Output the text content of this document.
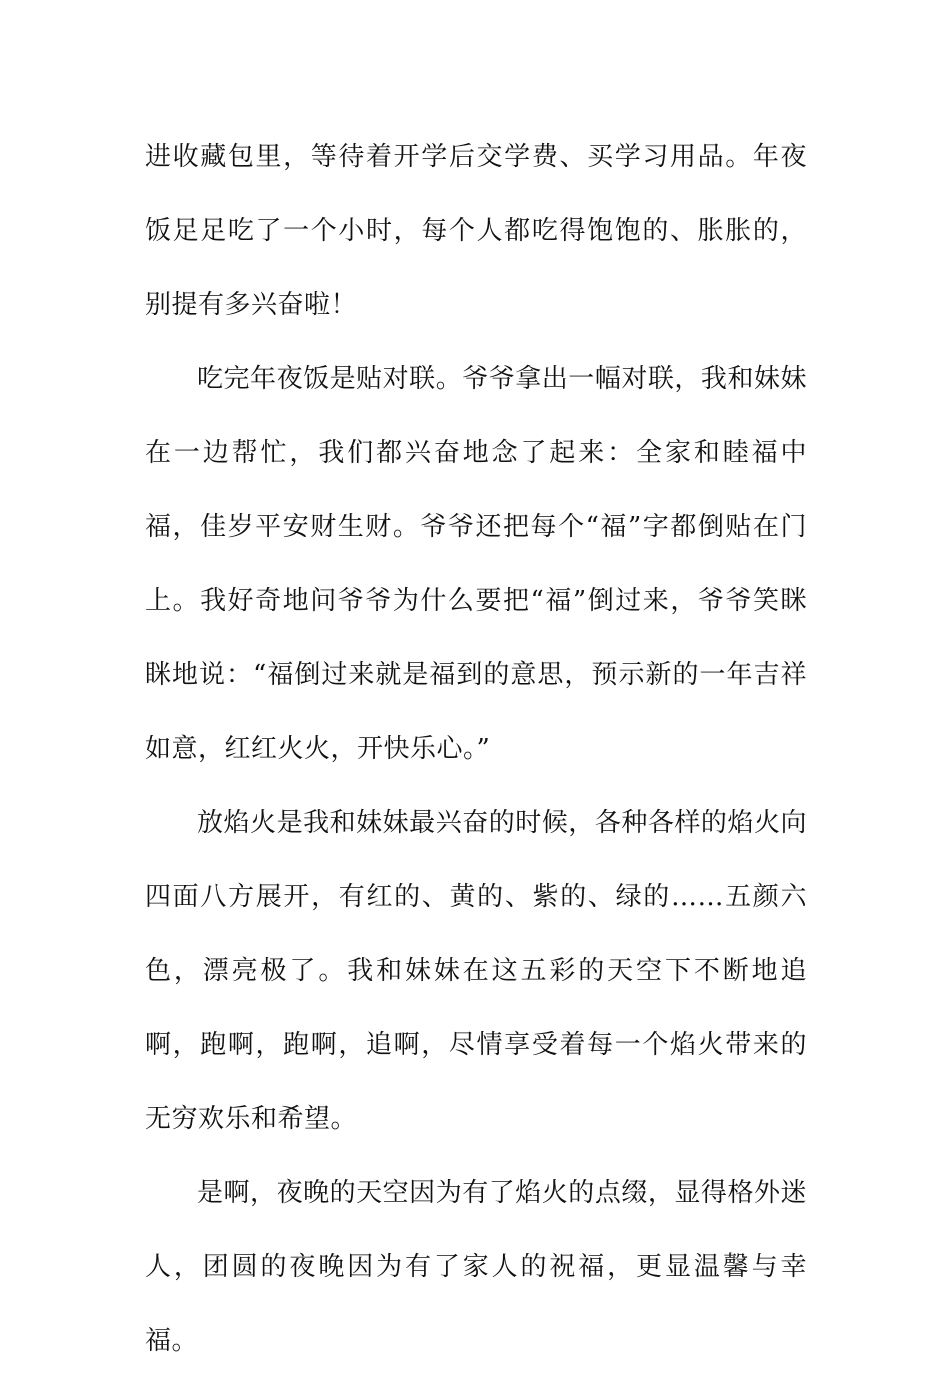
进收藏包里，等待着开学后交学费、买学习用品。年夜饭足足吃了一个小时，每个人都吃得饱饱的、胀胀的，别提有多兴奋啦！

吃完年夜饭是贴对联。爷爷拿出一幅对联，我和妹妹在一边帮忙，我们都兴奋地念了起来：全家和睦福中福，佳岁平安财生财。爷爷还把每个“福”字都倒贴在门上。我好奇地问爷爷为什么要把“福”倒过来，爷爷笑眯眯地说：“福倒过来就是福到的意思，预示新的一年吉祥如意，红红火火，开快乐心。”

放焰火是我和妹妹最兴奋的时候，各种各样的焰火向四面八方展开，有红的、黄的、紫的、绿的……五颜六色，漂亮极了。我和妹妹在这五彩的天空下不断地追啊，跑啊，跑啊，追啊，尽情享受着每一个焰火带来的无穷欢乐和希望。

是啊，夜晚的天空因为有了焰火的点缀，显得格外迷人，团圆的夜晚因为有了家人的祝福，更显温馨与幸福。
